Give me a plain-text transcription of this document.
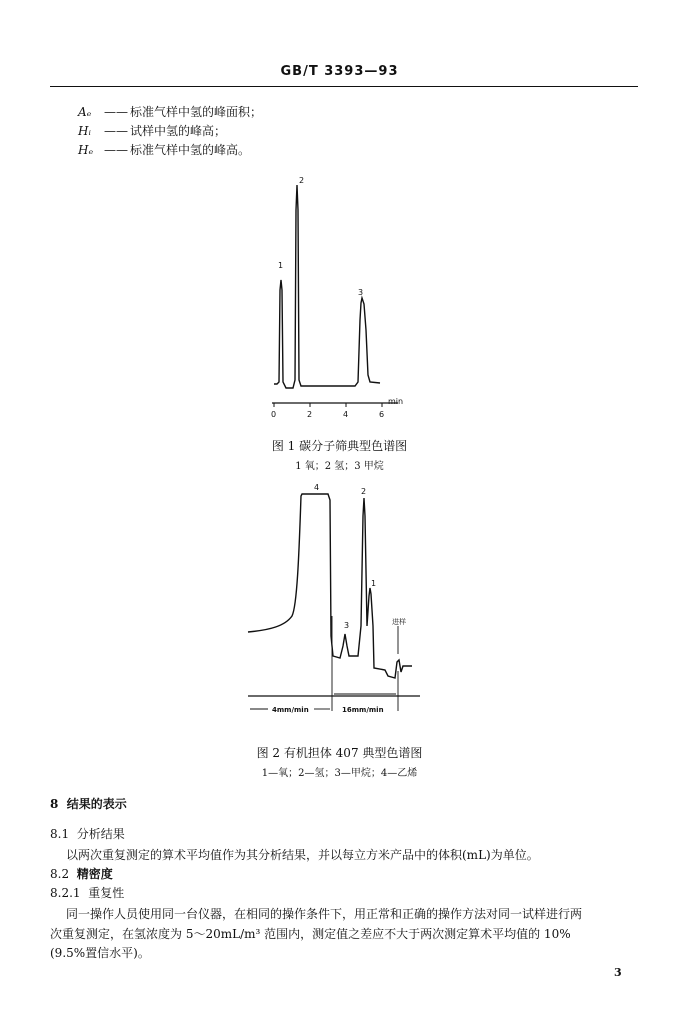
GB/T 3393—93
Aₑ —— 标准气样中氢的峰面积；
Hᵢ —— 试样中氢的峰高；
Hₑ —— 标准气样中氢的峰高。
1
2
3
min
0	2	4	6
图 1 碳分子筛典型色谱图
1 氧；2 氢；3 甲烷
4	2
3
1
进样
4mm/min	16mm/min
图 2 有机担体 407 典型色谱图
1—氧；2—氢；3—甲烷；4—乙烯
8 结果的表示
8.1 分析结果
以两次重复测定的算术平均值作为其分析结果，并以每立方米产品中的体积(mL)为单位。
8.2 精密度
8.2.1 重复性
同一操作人员使用同一台仪器，在相同的操作条件下，用正常和正确的操作方法对同一试样进行两
次重复测定，在氢浓度为 5～20mL/m³ 范围内，测定值之差应不大于两次测定算术平均值的 10%
(9.5%置信水平)。
3
